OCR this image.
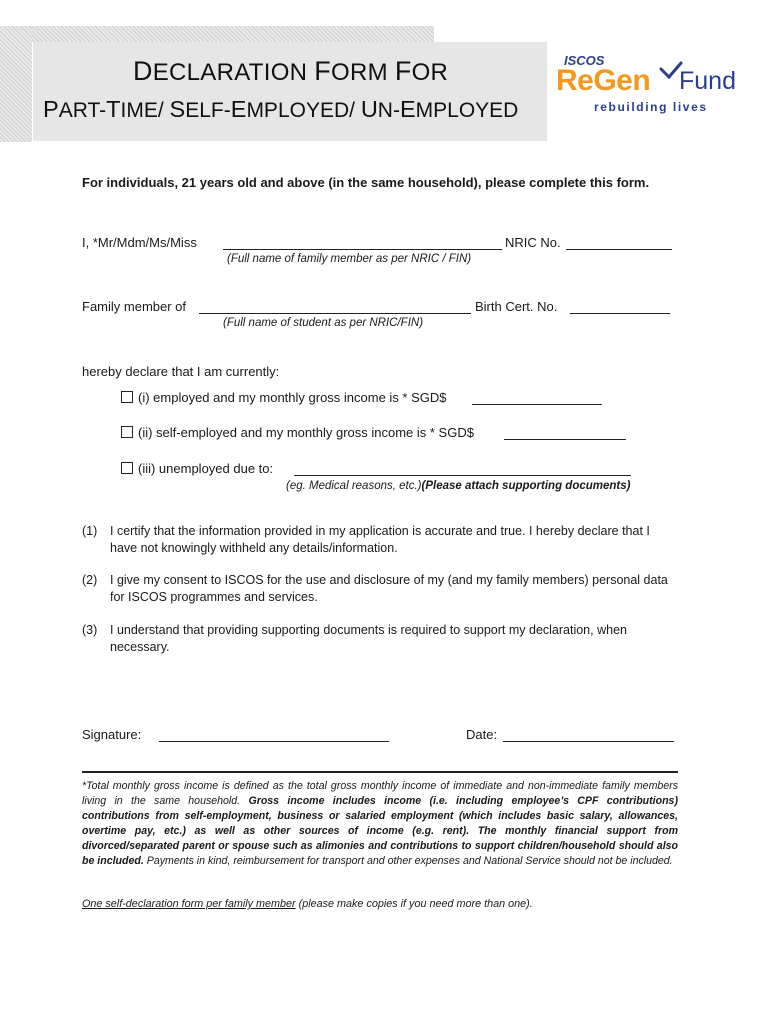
DECLARATION FORM FOR
PART-TIME/ SELF-EMPLOYED/ UN-EMPLOYED
ISCOS
ReGen Fund
rebuilding lives
For individuals, 21 years old and above (in the same household), please complete this form.
I, *Mr/Mdm/Ms/Miss	NRIC No.
(Full name of family member as per NRIC / FIN)
Family member of	Birth Cert. No.
(Full name of student as per NRIC/FIN)
hereby declare that I am currently:
(i) employed and my monthly gross income is * SGD$
(ii) self-employed and my monthly gross income is * SGD$
(iii) unemployed due to:
(eg. Medical reasons, etc.)(Please attach supporting documents)
(1) I certify that the information provided in my application is accurate and true. I hereby declare that I have not knowingly withheld any details/information.
(2) I give my consent to ISCOS for the use and disclosure of my (and my family members) personal data for ISCOS programmes and services.
(3) I understand that providing supporting documents is required to support my declaration, when necessary.
Signature:	Date:
*Total monthly gross income is defined as the total gross monthly income of immediate and non-immediate family members living in the same household. Gross income includes income (i.e. including employee’s CPF contributions) contributions from self-employment, business or salaried employment (which includes basic salary, allowances, overtime pay, etc.) as well as other sources of income (e.g. rent). The monthly financial support from divorced/separated parent or spouse such as alimonies and contributions to support children/household should also be included. Payments in kind, reimbursement for transport and other expenses and National Service should not be included.
One self-declaration form per family member (please make copies if you need more than one).
